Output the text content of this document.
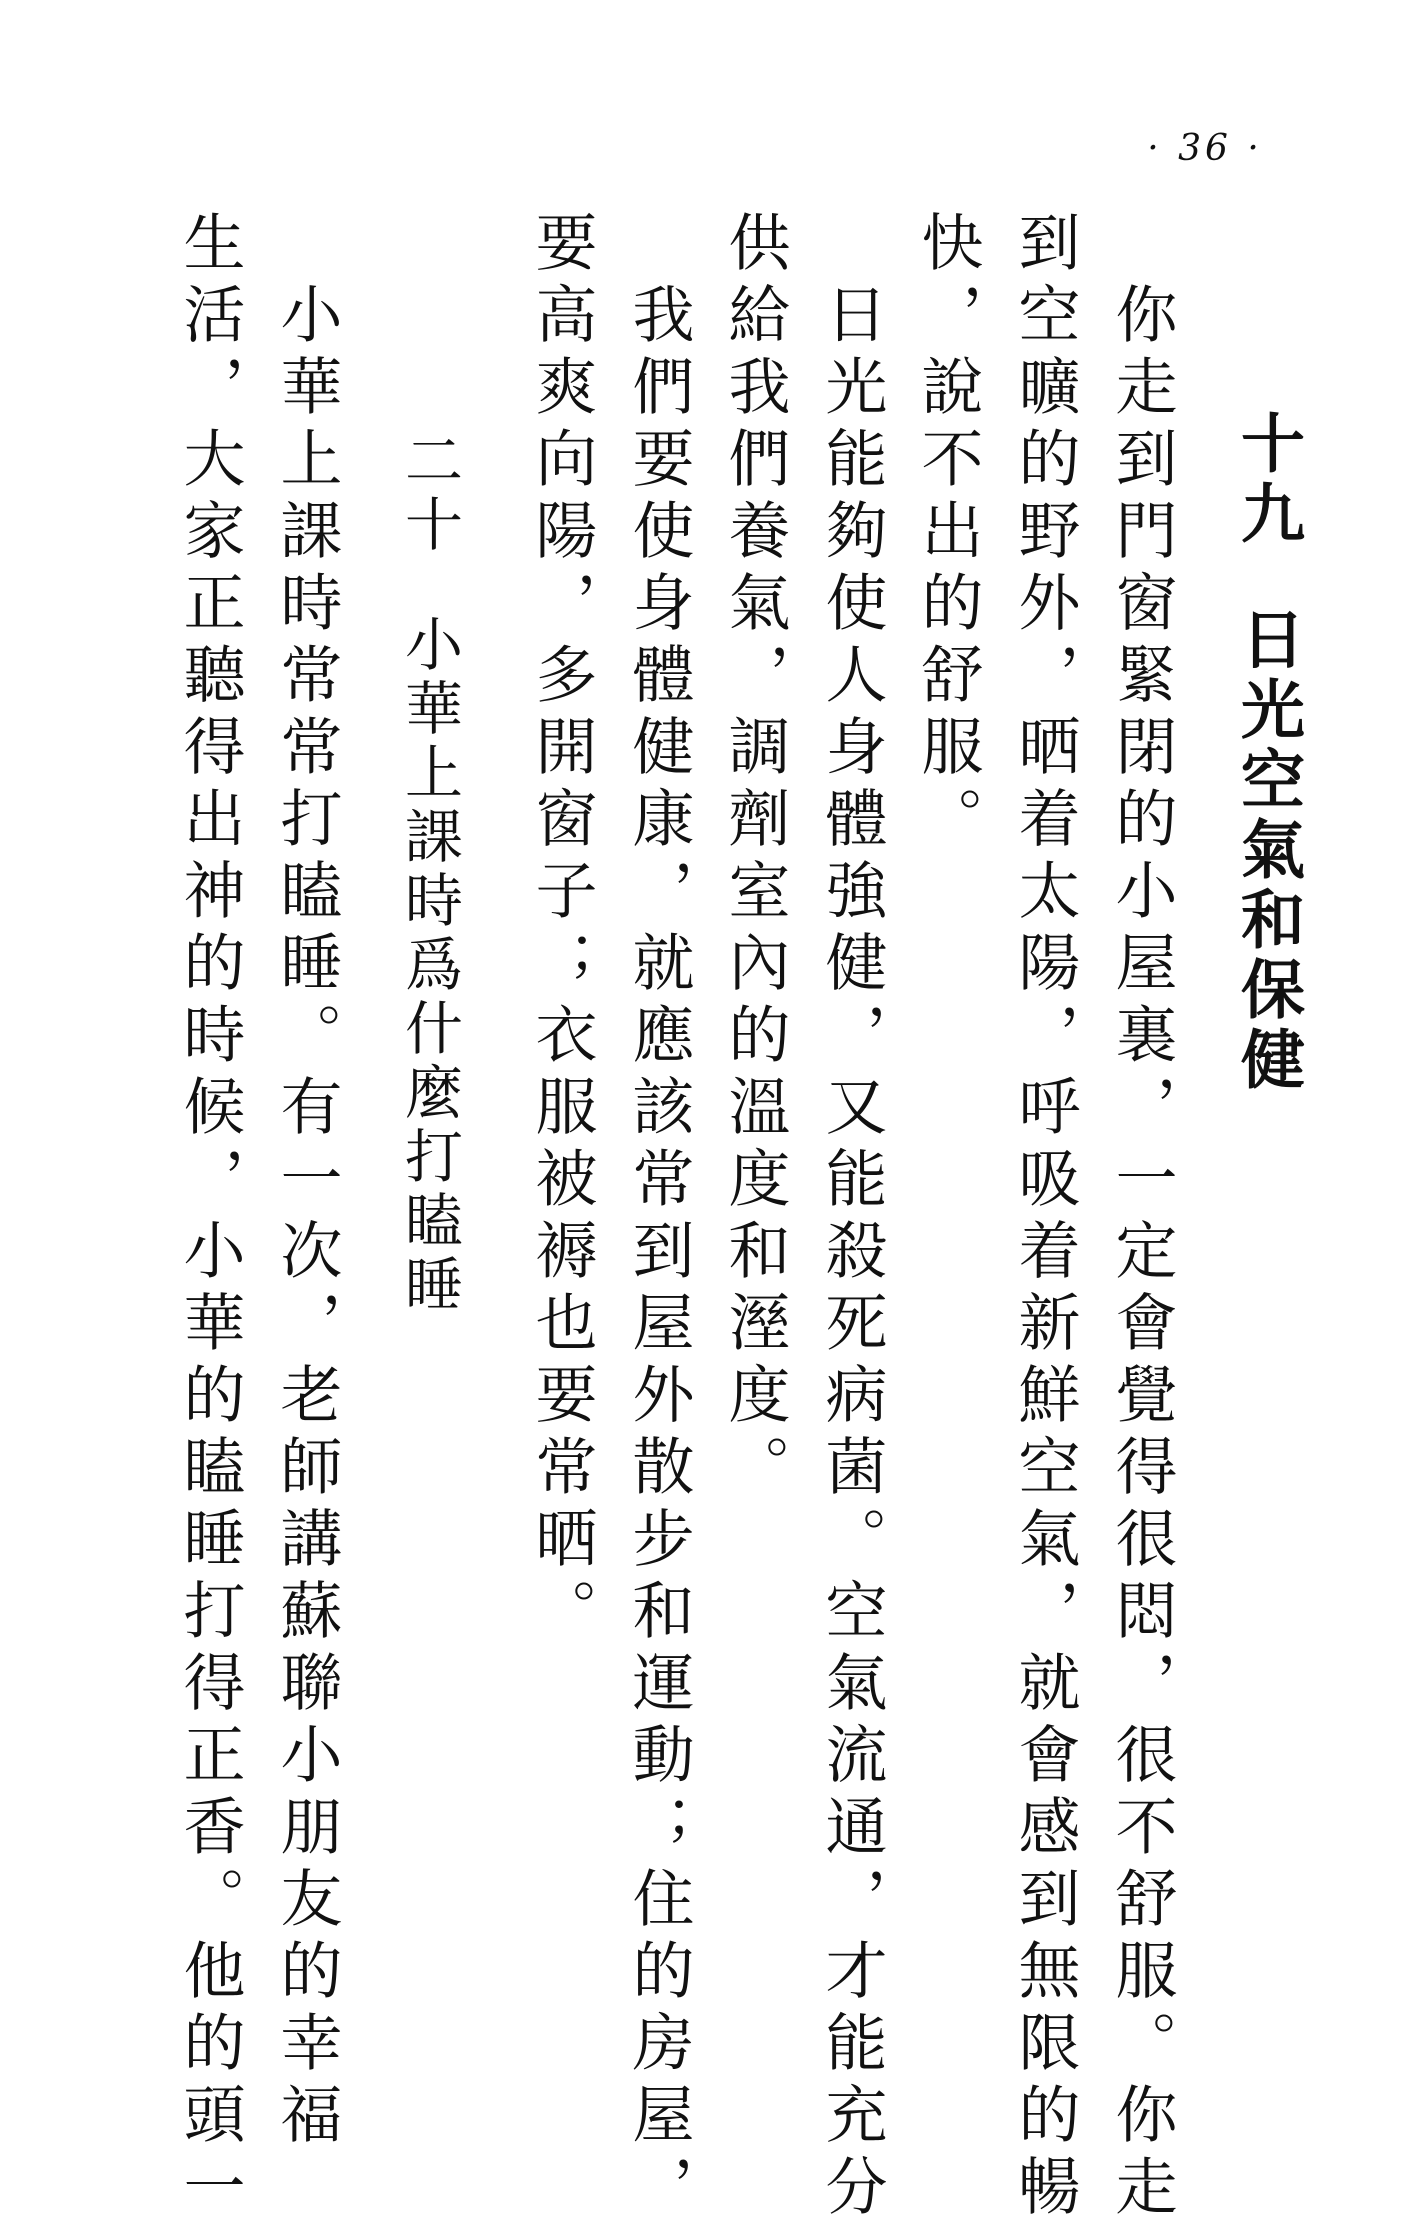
· 36 ·
十九日光空氣和保健
你走到門窗緊閉的小屋裏，一定會覺得很悶，很不舒服。你走
到空曠的野外，晒着太陽，呼吸着新鮮空氣，就會感到無限的暢
快，說不出的舒服。
日光能夠使人身體強健，又能殺死病菌。空氣流通，才能充分
供給我們養氣，調劑室內的溫度和溼度。
我們要使身體健康，就應該常到屋外散步和運動；住的房屋，
要高爽向陽，多開窗子；衣服被褥也要常晒。
二十小華上課時爲什麼打瞌睡
小華上課時常常打瞌睡。有一次，老師講蘇聯小朋友的幸福
生活，大家正聽得出神的時候，小華的瞌睡打得正香。他的頭一
